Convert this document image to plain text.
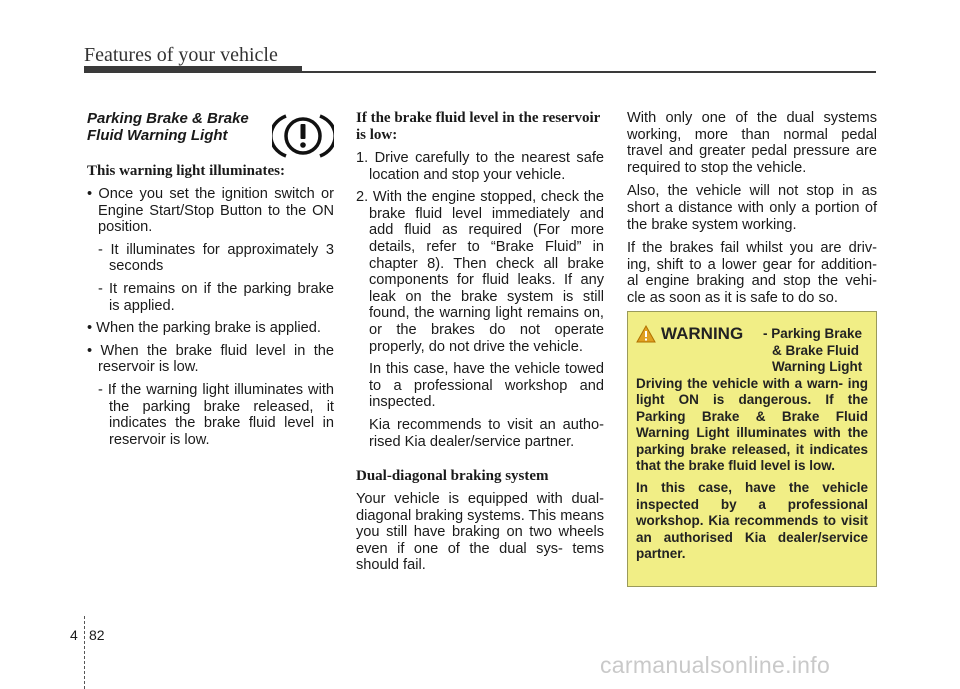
Features of your vehicle
Parking Brake & Brake Fluid Warning Light
This warning light illuminates:
• Once you set the ignition switch or Engine Start/Stop Button to the ON position.
- It illuminates for approximately 3 seconds
- It remains on if the parking brake is applied.
• When the parking brake is applied.
• When the brake fluid level in the reservoir is low.
- If the warning light illuminates with the parking brake released, it indicates the brake fluid level in reservoir is low.
If the brake fluid level in the reservoir is low:
1. Drive carefully to the nearest safe location and stop your vehicle.
2. With the engine stopped, check the brake fluid level immediately and add fluid as required (For more details, refer to “Brake Fluid” in chapter 8). Then check all brake components for fluid leaks. If any leak on the brake system is still found, the warning light remains on, or the brakes do not operate properly, do not drive the vehicle.
In this case, have the vehicle towed to a professional workshop and inspected.
Kia recommends to visit an autho- rised Kia dealer/service partner.
Dual-diagonal braking system

Your vehicle is equipped with dual- diagonal braking systems. This means you still have braking on two wheels even if one of the dual sys- tems should fail.

With only one of the dual systems working, more than normal pedal travel and greater pedal pressure are required to stop the vehicle.

Also, the vehicle will not stop in as short a distance with only a portion of the brake system working.

If the brakes fail whilst you are driv- ing, shift to a lower gear for addition- al engine braking and stop the vehi- cle as soon as it is safe to do so.

WARNING - Parking Brake
& Brake Fluid
Warning Light

Driving the vehicle with a warn- ing light ON is dangerous. If the Parking Brake & Brake Fluid Warning Light illuminates with the parking brake released, it indicates that the brake fluid level is low.

In this case, have the vehicle inspected by a professional workshop. Kia recommends to visit an authorised Kia dealer/service partner.

4 82
carmanualsonline.info
